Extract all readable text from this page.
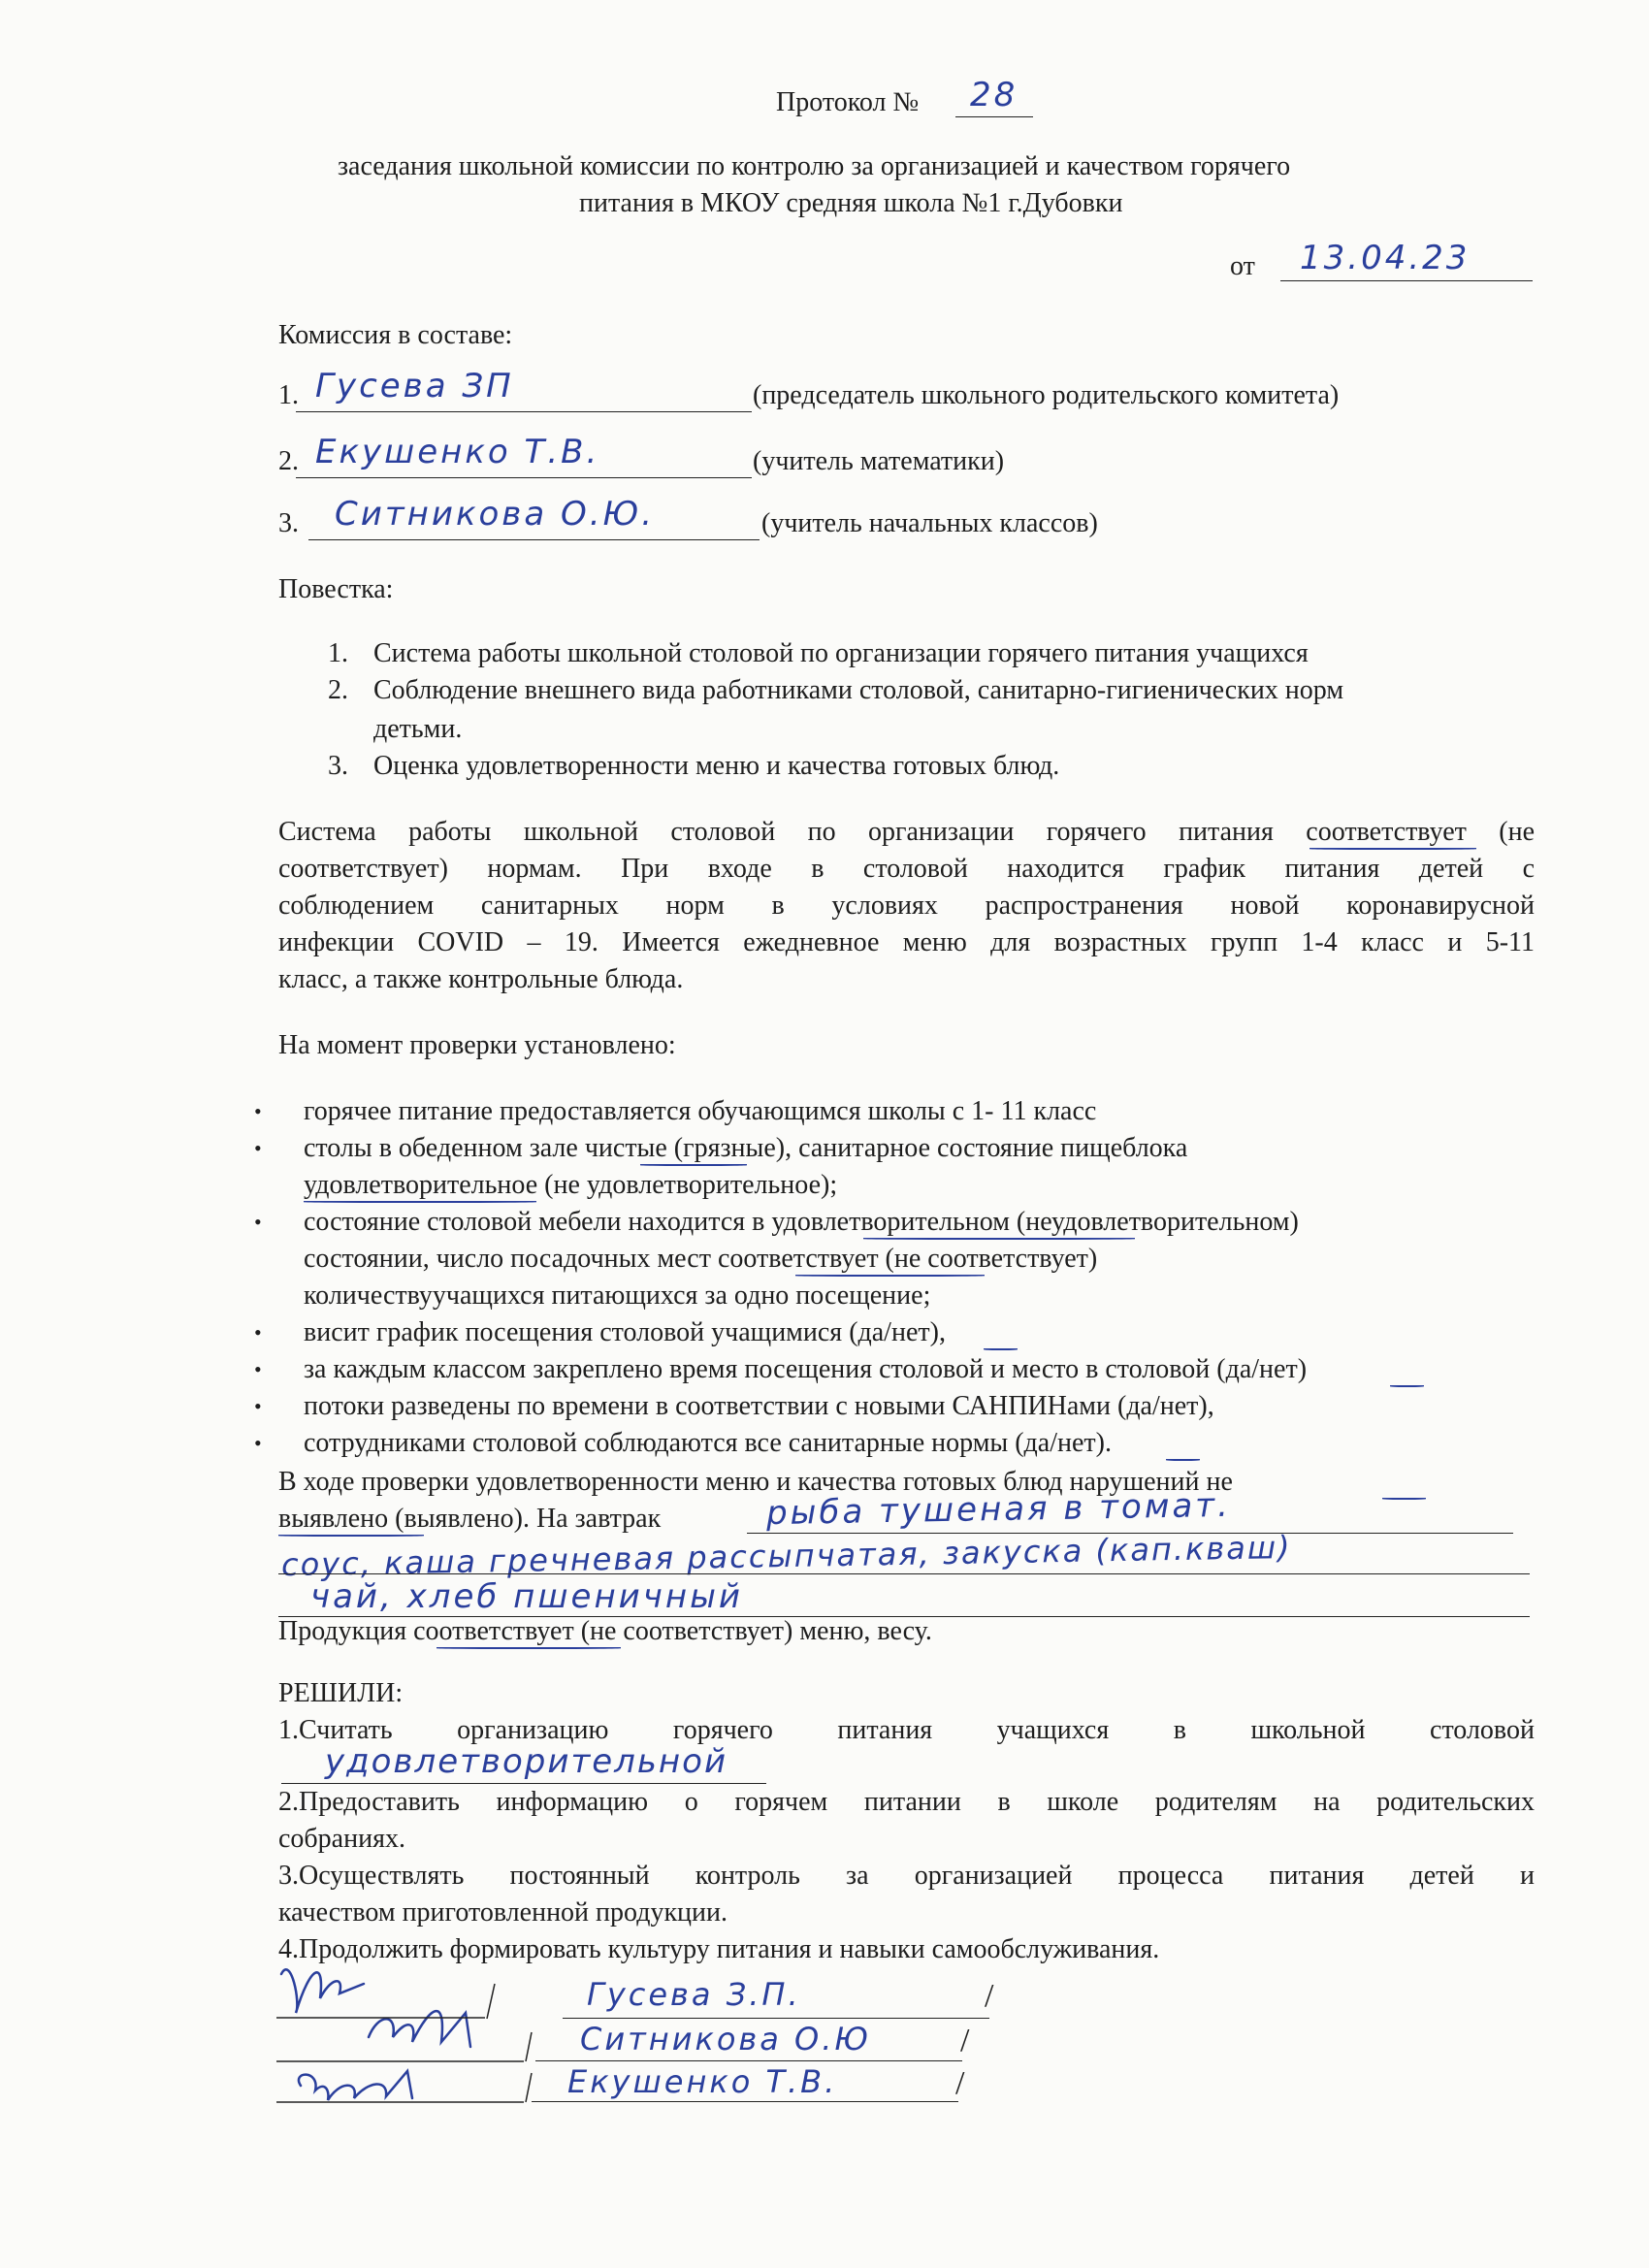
Протокол № 28
заседания школьной комиссии по контролю за организацией и качеством горячего
питания в МКОУ средняя школа №1 г.Дубовки
от 13.04.23
Комиссия в составе:
1. Гусева ЗП	(председатель школьного родительского комитета)
2. Екушенко Т.В.	(учитель математики)
3. Ситникова О.Ю.	(учитель начальных классов)
Повестка:
1. Система работы школьной столовой по организации горячего питания учащихся
2. Соблюдение внешнего вида работниками столовой, санитарно-гигиенических норм
детьми.
3. Оценка удовлетворенности меню и качества готовых блюд.
Система работы школьной столовой по организации горячего питания соответствует (не
соответствует) нормам. При входе в столовой находится график питания детей с
соблюдением санитарных норм в условиях распространения новой коронавирусной
инфекции COVID – 19. Имеется ежедневное меню для возрастных групп 1-4 класс и 5-11
класс, а также контрольные блюда.
На момент проверки установлено:
• горячее питание предоставляется обучающимся школы с 1- 11 класс
• столы в обеденном зале чистые (грязные), санитарное состояние пищеблока
удовлетворительное (не удовлетворительное);
• состояние столовой мебели находится в удовлетворительном (неудовлетворительном)
состоянии, число посадочных мест соответствует (не соответствует)
количествуучащихся питающихся за одно посещение;
• висит график посещения столовой учащимися (да/нет),
• за каждым классом закреплено время посещения столовой и место в столовой (да/нет)
• потоки разведены по времени в соответствии с новыми САНПИНами (да/нет),
• сотрудниками столовой соблюдаются все санитарные нормы (да/нет).
В ходе проверки удовлетворенности меню и качества готовых блюд нарушений не
выявлено (выявлено). На завтрак	рыба тушеная в томат.
соус, каша гречневая рассыпчатая, закуска (кап.кваш)
чай, хлеб пшеничный
Продукция соответствует (не соответствует) меню, весу.
РЕШИЛИ:
1.Считать организацию горячего питания учащихся в школьной столовой
удовлетворительной
2.Предоставить информацию о горячем питании в школе родителям на родительских
собраниях.
3.Осуществлять постоянный контроль за организацией процесса питания детей и
качеством приготовленной продукции.
4.Продолжить формировать культуру питания и навыки самообслуживания.
Гусева З.П.	/
Ситникова О.Ю	/
Екушенко Т.В.	/
